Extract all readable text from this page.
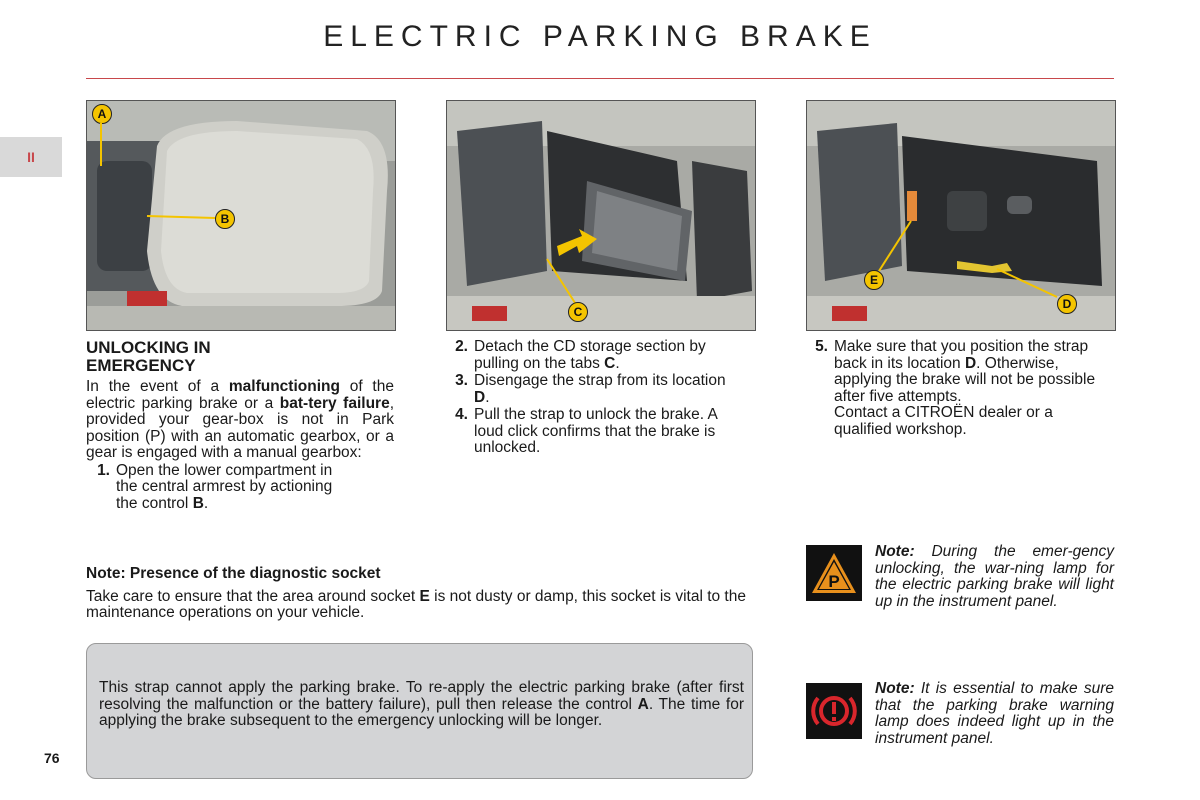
ELECTRIC PARKING BRAKE
II
A
B
C
E
D
UNLOCKING IN
EMERGENCY

In the event of a malfunctioning of the electric parking brake or a bat-tery failure, provided your gear-box is not in Park position (P) with an automatic gearbox, or a gear is engaged with a manual gearbox:

1. Open the lower compartment in the central armrest by actioning the control B.
2. Detach the CD storage section by pulling on the tabs C.
3. Disengage the strap from its location D.
4. Pull the strap to unlock the brake. A loud click confirms that the brake is unlocked.
5. Make sure that you position the strap back in its location D. Otherwise, applying the brake will not be possible after five attempts.
Contact a CITROËN dealer or a qualified workshop.
Note: Presence of the diagnostic socket

Take care to ensure that the area around socket E is not dusty or damp, this socket is vital to the maintenance operations on your vehicle.

This strap cannot apply the parking brake. To re-apply the electric parking brake (after first resolving the malfunction or the battery failure), pull then release the control A. The time for applying the brake subsequent to the emergency unlocking will be longer.

P
Note: During the emer-gency unlocking, the war-ning lamp for the electric parking brake will light up in the instrument panel.
Note: It is essential to make sure that the parking brake warning lamp does indeed light up in the instrument panel.
76
